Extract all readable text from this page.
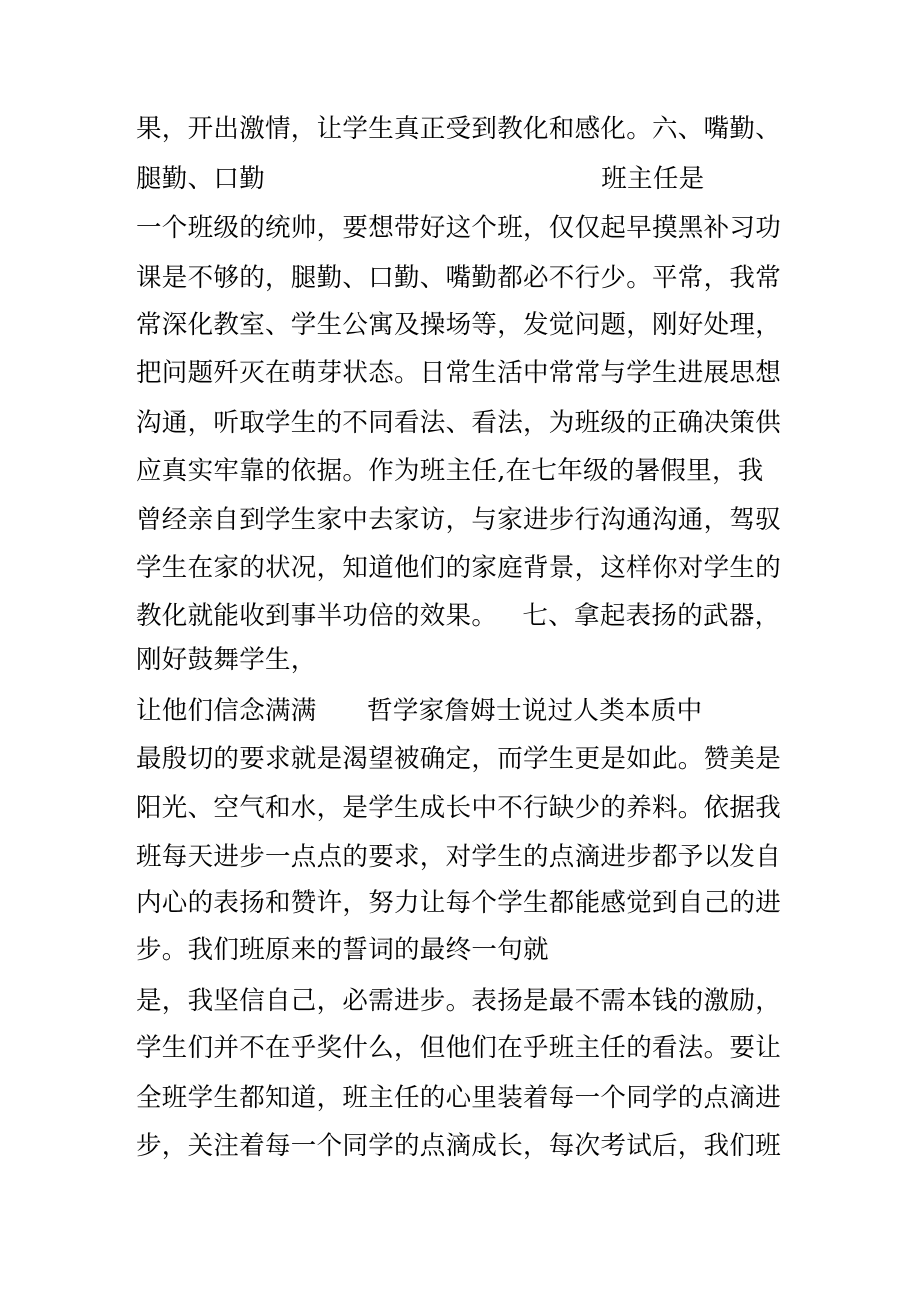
果，开出激情，让学生真正受到教化和感化。六、嘴勤、
腿勤、口勤                                        班主任是
一个班级的统帅，要想带好这个班，仅仅起早摸黑补习功
课是不够的，腿勤、口勤、嘴勤都必不行少。平常，我常
常深化教室、学生公寓及操场等，发觉问题，刚好处理，
把问题歼灭在萌芽状态。日常生活中常常与学生进展思想
沟通，听取学生的不同看法、看法，为班级的正确决策供
应真实牢靠的依据。作为班主任,在七年级的暑假里，我
曾经亲自到学生家中去家访，与家进步行沟通沟通，驾驭
学生在家的状况，知道他们的家庭背景，这样你对学生的
教化就能收到事半功倍的效果。   七、拿起表扬的武器，
刚好鼓舞学生，
让他们信念满满      哲学家詹姆士说过人类本质中
最殷切的要求就是渴望被确定，而学生更是如此。赞美是
阳光、空气和水，是学生成长中不行缺少的养料。依据我
班每天进步一点点的要求，对学生的点滴进步都予以发自
内心的表扬和赞许，努力让每个学生都能感觉到自己的进
步。我们班原来的誓词的最终一句就
是，我坚信自己，必需进步。表扬是最不需本钱的激励，
学生们并不在乎奖什么，但他们在乎班主任的看法。要让
全班学生都知道，班主任的心里装着每一个同学的点滴进
步，关注着每一个同学的点滴成长，每次考试后，我们班
